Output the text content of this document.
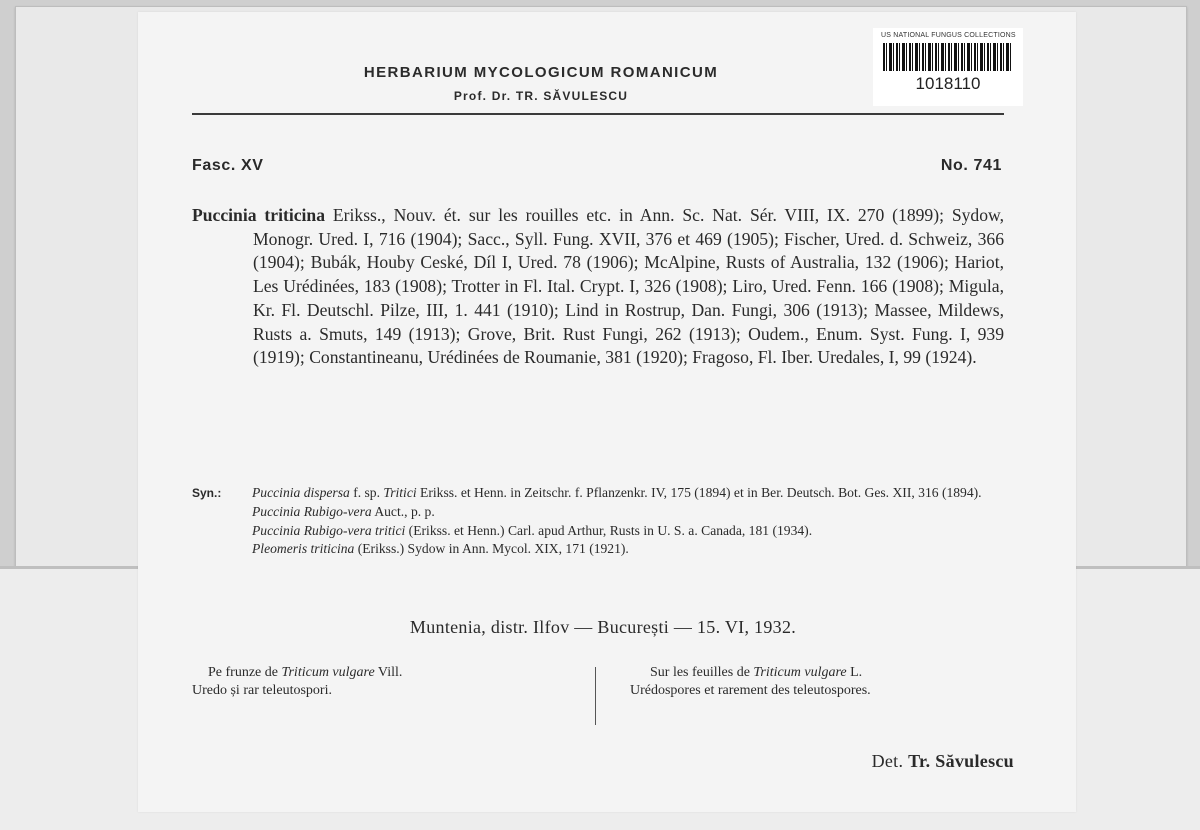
US NATIONAL FUNGUS COLLECTIONS
1018110
HERBARIUM MYCOLOGICUM ROMANICUM
Prof. Dr. TR. SĂVULESCU
Fasc. XV	No. 741
Puccinia triticina Erikss., Nouv. ét. sur les rouilles etc. in Ann. Sc. Nat. Sér. VIII, IX. 270 (1899); Sydow, Monogr. Ured. I, 716 (1904); Sacc., Syll. Fung. XVII, 376 et 469 (1905); Fischer, Ured. d. Schweiz, 366 (1904); Bubák, Houby Ceské, Díl I, Ured. 78 (1906); McAlpine, Rusts of Australia, 132 (1906); Hariot, Les Urédinées, 183 (1908); Trotter in Fl. Ital. Crypt. I, 326 (1908); Liro, Ured. Fenn. 166 (1908); Migula, Kr. Fl. Deutschl. Pilze, III, 1. 441 (1910); Lind in Rostrup, Dan. Fungi, 306 (1913); Massee, Mildews, Rusts a. Smuts, 149 (1913); Grove, Brit. Rust Fungi, 262 (1913); Oudem., Enum. Syst. Fung. I, 939 (1919); Constantineanu, Urédinées de Roumanie, 381 (1920); Fragoso, Fl. Iber. Uredales, I, 99 (1924).
Syn.: Puccinia dispersa f. sp. Tritici Erikss. et Henn. in Zeitschr. f. Pflanzenkr. IV, 175 (1894) et in Ber. Deutsch. Bot. Ges. XII, 316 (1894).
Puccinia Rubigo-vera Auct., p. p.
Puccinia Rubigo-vera tritici (Erikss. et Henn.) Carl. apud Arthur, Rusts in U. S. a. Canada, 181 (1934).
Pleomeris triticina (Erikss.) Sydow in Ann. Mycol. XIX, 171 (1921).
Muntenia, distr. Ilfov — București — 15. VI, 1932.
Pe frunze de Triticum vulgare Vill.
Uredo și rar teleutospori.
Sur les feuilles de Triticum vulgare L.
Urédospores et rarement des teleutospores.
Det. Tr. Săvulescu
